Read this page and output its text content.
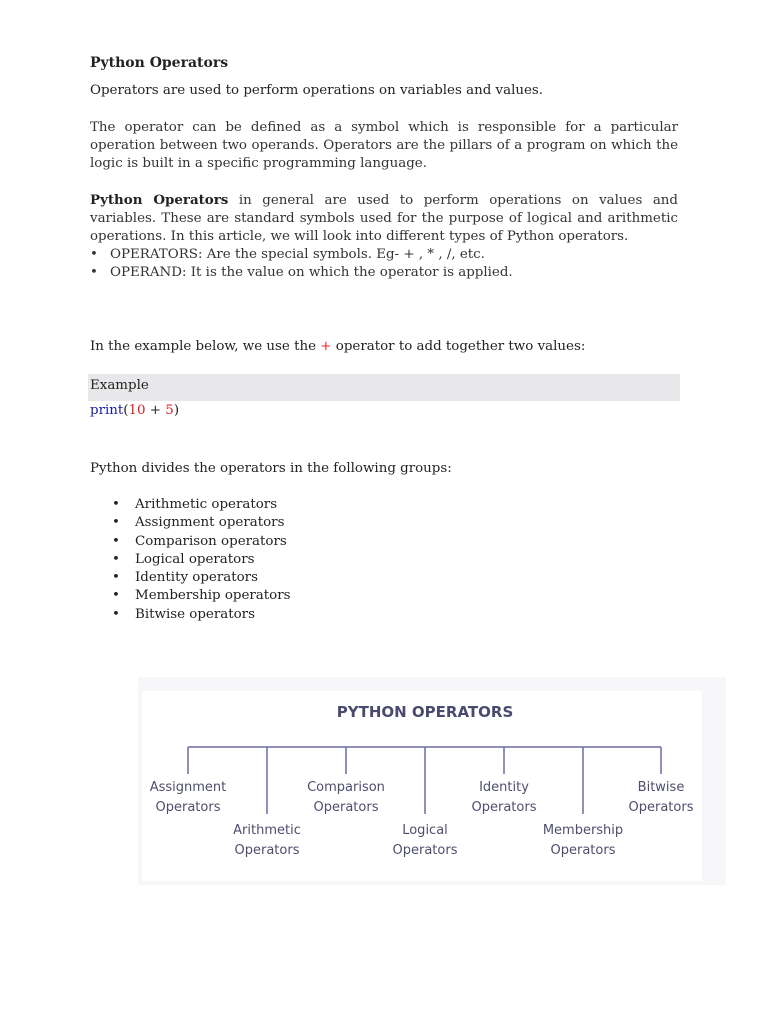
Python Operators
Operators are used to perform operations on variables and values.
The operator can be defined as a symbol which is responsible for a particular operation between two operands. Operators are the pillars of a program on which the logic is built in a specific programming language.
Python Operators in general are used to perform operations on values and variables. These are standard symbols used for the purpose of logical and arithmetic operations. In this article, we will look into different types of Python operators.
• OPERATORS: Are the special symbols. Eg- + , * , /, etc.
• OPERAND: It is the value on which the operator is applied.
In the example below, we use the + operator to add together two values:
Example
print(10 + 5)
Python divides the operators in the following groups:
• Arithmetic operators
• Assignment operators
• Comparison operators
• Logical operators
• Identity operators
• Membership operators
• Bitwise operators
PYTHON OPERATORS
Assignment
Operators
Arithmetic
Operators
Comparison
Operators
Logical
Operators
Identity
Operators
Membership
Operators
Bitwise
Operators
